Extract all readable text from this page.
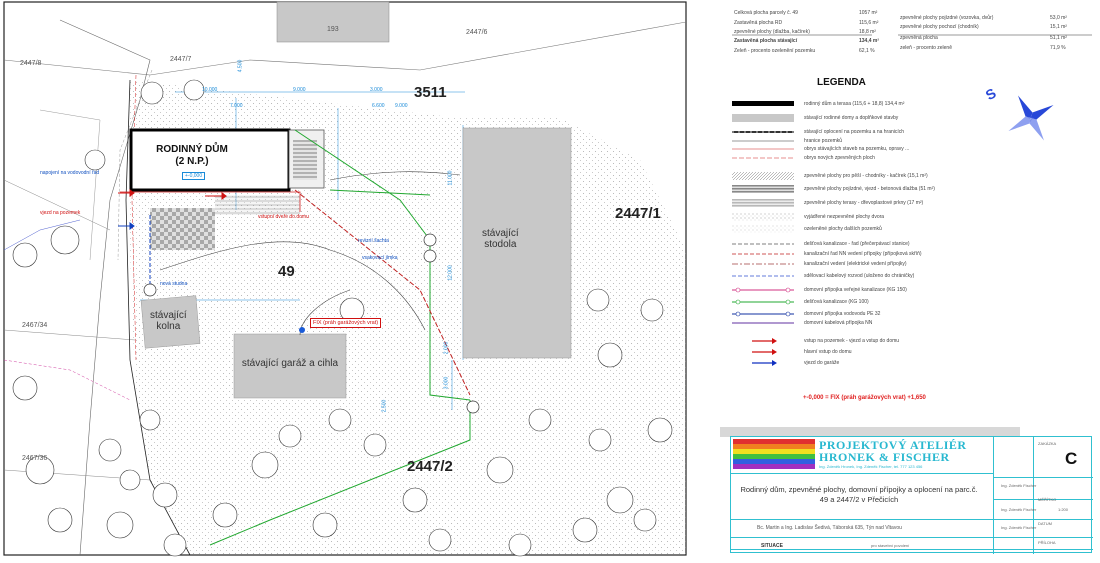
3511
49
2447/1
2447/2
2447/7
2447/6
2447/8
2467/34
2467/36
193
RODINNÝ DŮM
(2 N.P.)
+-0,000
stávající
kolna
stávající garáž a cihla
stávající
stodola
FIX (práh garážových vrat)
10.000	9.000	3.000
7.000
11.000
12.000
2.000
3.000
6.600 9.000
4.500
2.500
napojení na vodovodní řad
nová studna
revizní šachta
vsakovací jímka
vstupní dveře do domu
vjezd na pozemek
Celková plocha parcely č. 49	1057 m²
Zastavěná plocha RD	115,6 m²
zpevněné plochy (dlažba, kačírek)	18,8 m²
Zastavěná plocha stávající	134,4 m²
Zeleň - procento ozelenění pozemku	62,1 %
zpevněné plochy pojízdné (vozovka, dvůr)	53,0 m²
zpevněné plochy pochozí (chodník)	15,1 m²
zpevněná plocha	51,1 m²
zeleň - procento zeleně	71,9 %
LEGENDA
S
rodinný dům a terasa (115,6 + 18,8) 134,4 m²
stávající rodinné domy a doplňkové stavby
stávající oplocení na pozemku a na hranicích
hranice pozemků
obrys stávajících staveb na pozemku, opravy ...
obrys nových zpevněných ploch
zpevněné plochy pro pěší - chodníky - kačírek (15,1 m²)
zpevněné plochy pojízdné, vjezd - betonová dlažba (51 m²)
zpevněné plochy terasy - dřevoplastové prkny (17 m²)
vyjádřené nezpevněné plochy dvora
ozeleněné plochy dalších pozemků
dešťová kanalizace - řad (přečerpávací stanice)
kanalizační řad NN vedení přípojky (přípojková skříň)
kanalizační vedení (elektrické vedení přípojky)
sdělovací kabelový rozvod (uloženo do chráničky)
domovní přípojka veřejné kanalizace (KG 150)
dešťová kanalizace (KG 100)
domovní přípojka vodovodu PE 32
domovní kabelová přípojka NN
vstup na pozemek - vjezd a vstup do domu
hlavní vstup do domu
vjezd do garáže
+-0,000 = FIX (práh garážových vrat) +1,650
PROJEKTOVÝ ATELIÉR
HRONEK & FISCHER
Ing. Zdeněk Hronek, Ing. Zdeněk Fischer, tel. 777 123 456	C
Rodinný dům, zpevněné plochy, domovní přípojky a oplocení na parc.č. 49 a 2447/2 v Přečicích
Bc. Martin a Ing. Ladislav Šedivá, Táborská 635, Týn nad Vltavou
SITUACE	pro stavební povolení
Ing. Zdeněk Fischer
Ing. Zdeněk Fischer
Ing. Zdeněk Fischer
ZAKÁZKA
MĚŘÍTKO
1:200
DATUM
PŘÍLOHA
